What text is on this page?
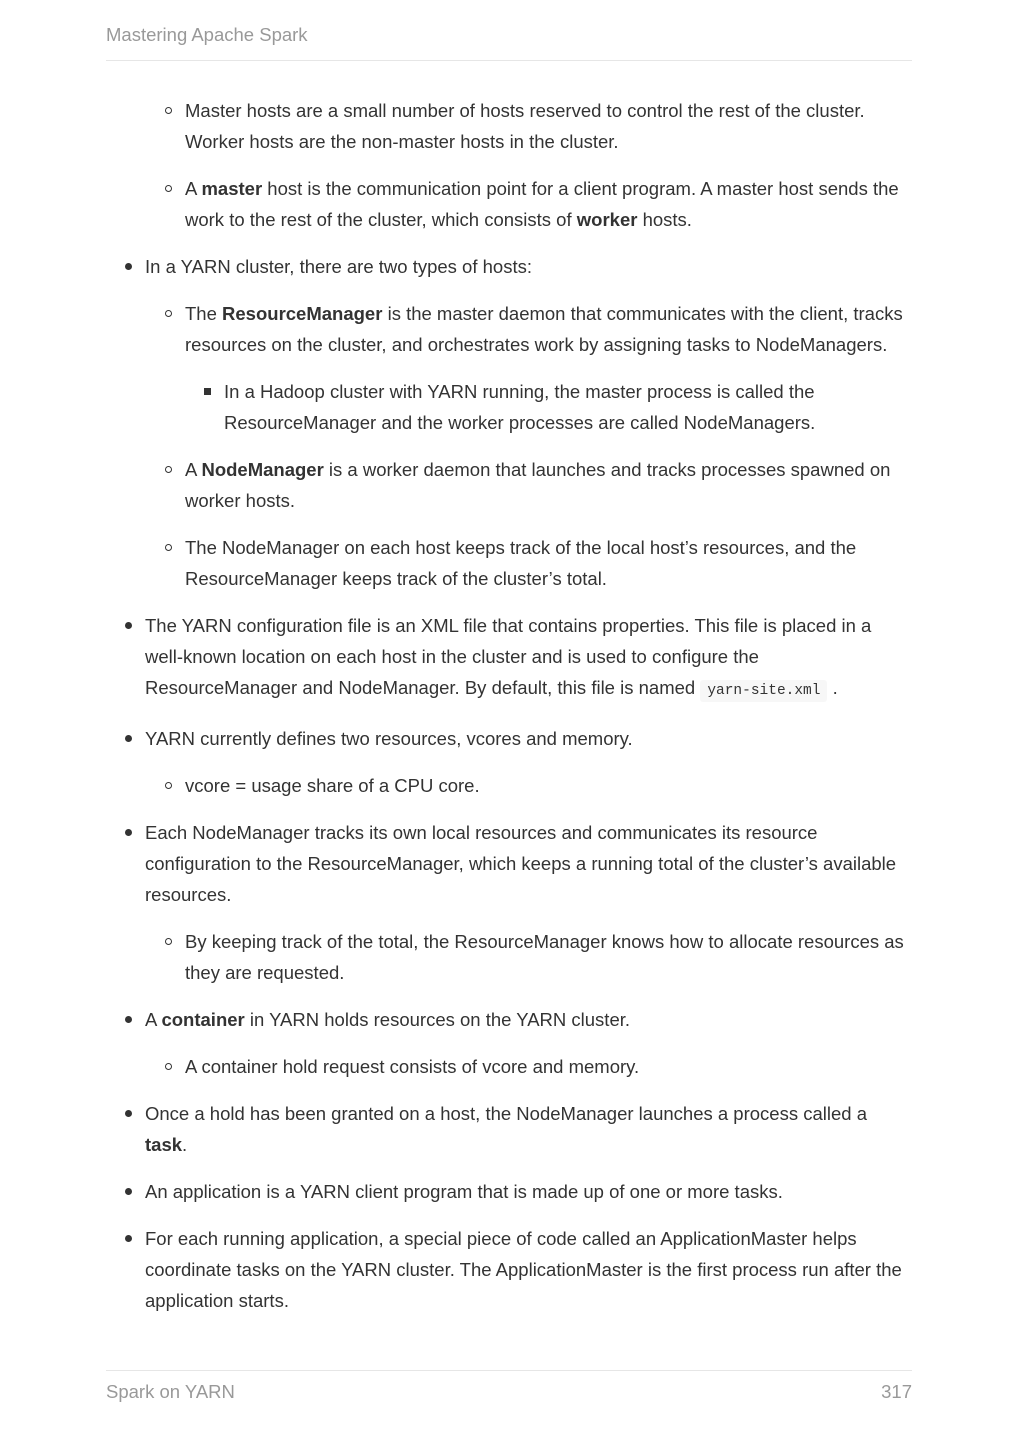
Mastering Apache Spark
Master hosts are a small number of hosts reserved to control the rest of the cluster. Worker hosts are the non-master hosts in the cluster.
A master host is the communication point for a client program. A master host sends the work to the rest of the cluster, which consists of worker hosts.
In a YARN cluster, there are two types of hosts:
The ResourceManager is the master daemon that communicates with the client, tracks resources on the cluster, and orchestrates work by assigning tasks to NodeManagers.
In a Hadoop cluster with YARN running, the master process is called the ResourceManager and the worker processes are called NodeManagers.
A NodeManager is a worker daemon that launches and tracks processes spawned on worker hosts.
The NodeManager on each host keeps track of the local host’s resources, and the ResourceManager keeps track of the cluster’s total.
The YARN configuration file is an XML file that contains properties. This file is placed in a well-known location on each host in the cluster and is used to configure the ResourceManager and NodeManager. By default, this file is named yarn-site.xml .
YARN currently defines two resources, vcores and memory.
vcore = usage share of a CPU core.
Each NodeManager tracks its own local resources and communicates its resource configuration to the ResourceManager, which keeps a running total of the cluster’s available resources.
By keeping track of the total, the ResourceManager knows how to allocate resources as they are requested.
A container in YARN holds resources on the YARN cluster.
A container hold request consists of vcore and memory.
Once a hold has been granted on a host, the NodeManager launches a process called a task.
An application is a YARN client program that is made up of one or more tasks.
For each running application, a special piece of code called an ApplicationMaster helps coordinate tasks on the YARN cluster. The ApplicationMaster is the first process run after the application starts.
Spark on YARN	317
